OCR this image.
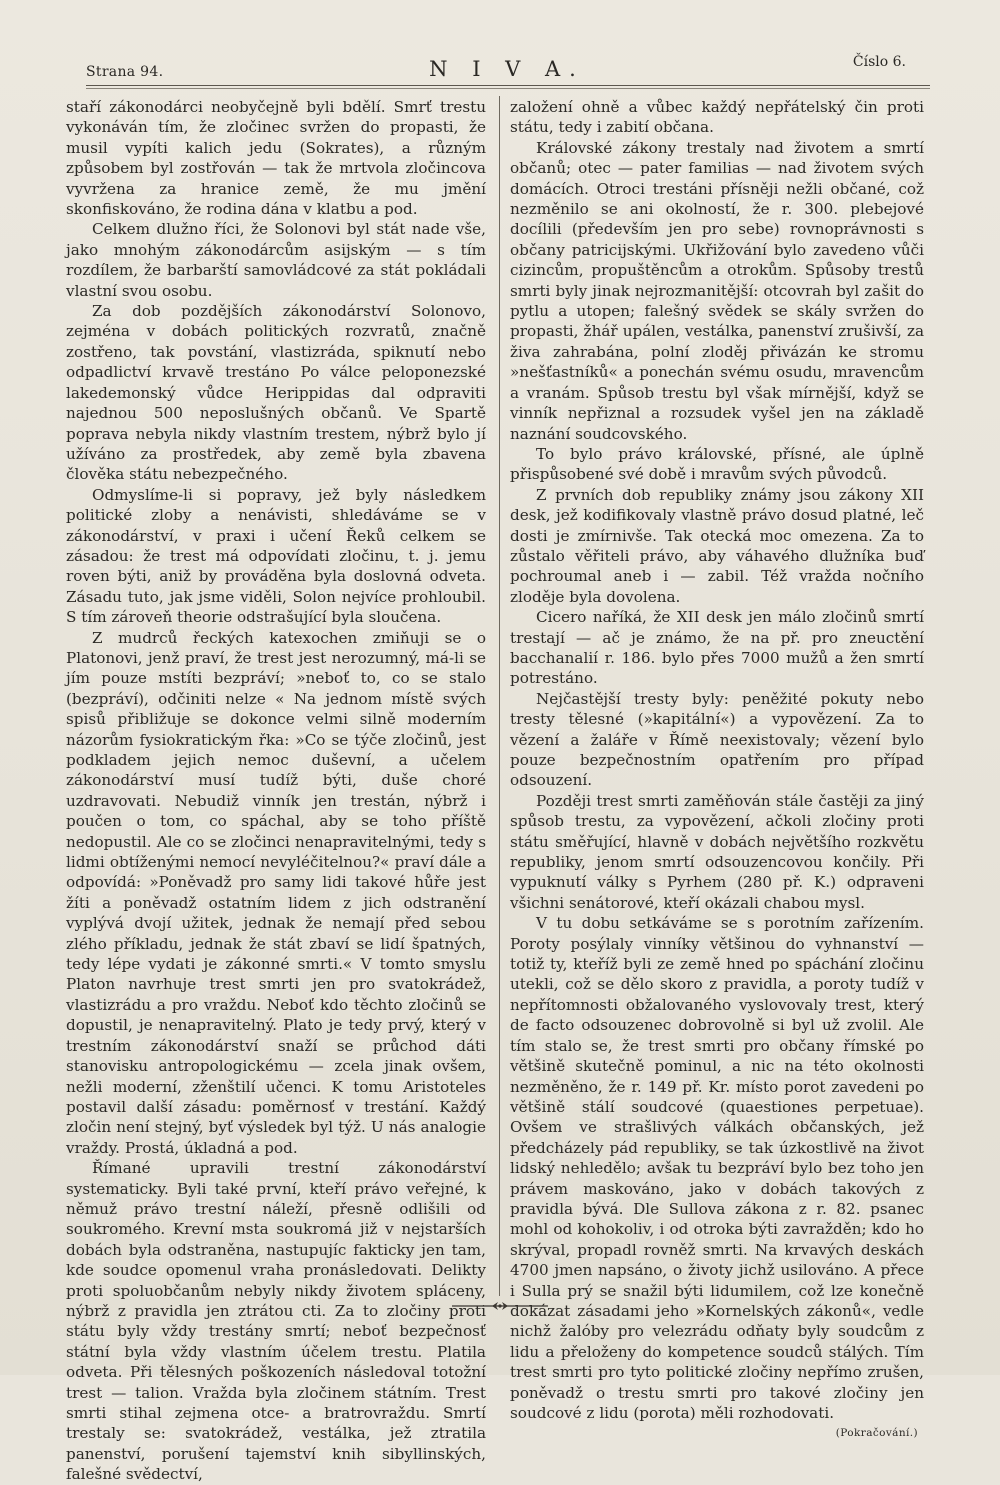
Strana 94.	N I V A.	Číslo 6.

staří zákonodárci neobyčejně byli bdělí. Smrť trestu vykonáván tím, že zločinec svržen do propasti, že musil vypíti kalich jedu (Sokrates), a různým způsobem byl zostřován — tak že mrtvola zločincova vyvržena za hranice země, že mu jmění skonfiskováno, že rodina dána v klatbu a pod.

Celkem dlužno říci, že Solonovi byl stát nade vše, jako mnohým zákonodárcům asijským — s tím rozdílem, že barbarští samovládcové za stát pokládali vlastní svou osobu.

Za dob pozdějších zákonodárství Solonovo, zejména v dobách politických rozvratů, značně zostřeno, tak povstání, vlastizráda, spiknutí nebo odpadlictví krvavě trestáno Po válce peloponezské lakedemonský vůdce Herippidas dal odpraviti najednou 500 neposlušných občanů. Ve Spartě poprava nebyla nikdy vlastním trestem, nýbrž bylo jí užíváno za prostředek, aby země byla zbavena člověka státu nebezpečného.

Odmyslíme-li si popravy, jež byly následkem politické zloby a nenávisti, shledáváme se v zákonodárství, v praxi i učení Řeků celkem se zásadou: že trest má odpovídati zločinu, t. j. jemu roven býti, aniž by prováděna byla doslovná odveta. Zásadu tuto, jak jsme viděli, Solon nejvíce prohloubil. S tím zároveň theorie odstrašující byla sloučena.

Z mudrců řeckých katexochen zmiňuji se o Platonovi, jenž praví, že trest jest nerozumný, má-li se jím pouze mstíti bezpráví; »neboť to, co se stalo (bezpráví), odčiniti nelze « Na jednom místě svých spisů přibližuje se dokonce velmi silně moderním názorům fysiokratickým řka: »Co se týče zločinů, jest podkladem jejich nemoc duševní, a učelem zákonodárství musí tudíž býti, duše choré uzdravovati. Nebudiž vinník jen trestán, nýbrž i poučen o tom, co spáchal, aby se toho příště nedopustil. Ale co se zločinci nenapravitelnými, tedy s lidmi obtíženými nemocí nevyléčitelnou?« praví dále a odpovídá: »Poněvadž pro samy lidi takové hůře jest žíti a poněvadž ostatním lidem z jich odstranění vyplývá dvojí užitek, jednak že nemají před sebou zlého příkladu, jednak že stát zbaví se lidí špatných, tedy lépe vydati je zákonné smrti.« V tomto smyslu Platon navrhuje trest smrti jen pro svatokrádež, vlastizrádu a pro vraždu. Neboť kdo těchto zločinů se dopustil, je nenapravitelný. Plato je tedy prvý, který v trestním zákonodárství snaží se průchod dáti stanovisku antropologickému — zcela jinak ovšem, nežli moderní, zženštilí učenci. K tomu Aristoteles postavil další zásadu: poměrnosť v trestání. Každý zločin není stejný, byť výsledek byl týž. U nás analogie vraždy. Prostá, úkladná a pod.

Římané upravili trestní zákonodárství systematicky. Byli také první, kteří právo veřejné, k němuž právo trestní náleží, přesně odlišili od soukromého. Krevní msta soukromá již v nejstarších dobách byla odstraněna, nastupujíc fakticky jen tam, kde soudce opomenul vraha pronásledovati. Delikty proti spoluobčanům nebyly nikdy životem spláceny, nýbrž z pravidla jen ztrátou cti. Za to zločiny proti státu byly vždy trestány smrtí; neboť bezpečnosť státní byla vždy vlastním účelem trestu. Platila odveta. Při tělesných poškozeních následoval totožní trest — talion. Vražda byla zločinem státním. Trest smrti stihal zejmena otce- a bratrovraždu. Smrtí trestaly se: svatokrádež, vestálka, jež ztratila panenství, porušení tajemství knih sibyllinských, falešné svědectví,

založení ohně a vůbec každý nepřátelský čin proti státu, tedy i zabití občana.

Královské zákony trestaly nad životem a smrtí občanů; otec — pater familias — nad životem svých domácích. Otroci trestáni přísněji nežli občané, což nezměnilo se ani okolností, že r. 300. plebejové docílili (především jen pro sebe) rovnoprávnosti s občany patricijskými. Ukřižování bylo zavedeno vůči cizincům, propuštěncům a otrokům. Spůsoby trestů smrti byly jinak nejrozmanitější: otcovrah byl zašit do pytlu a utopen; falešný svědek se skály svržen do propasti, žhář upálen, vestálka, panenství zrušivší, za živa zahrabána, polní zloděj přivázán ke stromu »nešťastníků« a ponechán svému osudu, mravencům a vranám. Spůsob trestu byl však mírnější, když se vinník nepřiznal a rozsudek vyšel jen na základě naznání soudcovského.

To bylo právo královské, přísné, ale úplně přispůsobené své době i mravům svých původců.

Z prvních dob republiky známy jsou zákony XII desk, jež kodifikovaly vlastně právo dosud platné, leč dosti je zmírnivše. Tak otecká moc omezena. Za to zůstalo věřiteli právo, aby váhavého dlužníka buď pochroumal aneb i — zabil. Též vražda nočního zloděje byla dovolena.

Cicero naříká, že XII desk jen málo zločinů smrtí trestají — ač je známo, že na př. pro zneuctění bacchanalií r. 186. bylo přes 7000 mužů a žen smrtí potrestáno.

Nejčastější tresty byly: peněžité pokuty nebo tresty tělesné (»kapitální«) a vypovězení. Za to vězení a žaláře v Římě neexistovaly; vězení bylo pouze bezpečnostním opatřením pro případ odsouzení.

Později trest smrti zaměňován stále častěji za jiný spůsob trestu, za vypovězení, ačkoli zločiny proti státu směřující, hlavně v dobách největšího rozkvětu republiky, jenom smrtí odsouzencovou končily. Při vypuknutí války s Pyrhem (280 př. K.) odpraveni všichni senátorové, kteří okázali chabou mysl.

V tu dobu setkáváme se s porotním zařízením. Poroty posýlaly vinníky většinou do vyhnanství — totiž ty, kteříž byli ze země hned po spáchání zločinu utekli, což se dělo skoro z pravidla, a poroty tudíž v nepřítomnosti obžalovaného vyslovovaly trest, který de facto odsouzenec dobrovolně si byl už zvolil. Ale tím stalo se, že trest smrti pro občany římské po většině skutečně pominul, a nic na této okolnosti nezměněno, že r. 149 př. Kr. místo porot zavedeni po většině stálí soudcové (quaestiones perpetuae). Ovšem ve strašlivých válkách občanských, jež předcházely pád republiky, se tak úzkostlivě na život lidský nehledělo; avšak tu bezpráví bylo bez toho jen právem maskováno, jako v dobách takových z pravidla bývá. Dle Sullova zákona z r. 82. psanec mohl od kohokoliv, i od otroka býti zavražděn; kdo ho skrýval, propadl rovněž smrti. Na krvavých deskách 4700 jmen napsáno, o životy jichž usilováno. A přece i Sulla prý se snažil býti lidumilem, což lze konečně dokázat zásadami jeho »Kornelských zákonů«, vedle nichž žalóby pro velezrádu odňaty byly soudcům z lidu a přeloženy do kompetence soudců stálých. Tím trest smrti pro tyto politické zločiny nepřímo zrušen, poněvadž o trestu smrti pro takové zločiny jen soudcové z lidu (porota) měli rozhodovati.

(Pokračování.)
